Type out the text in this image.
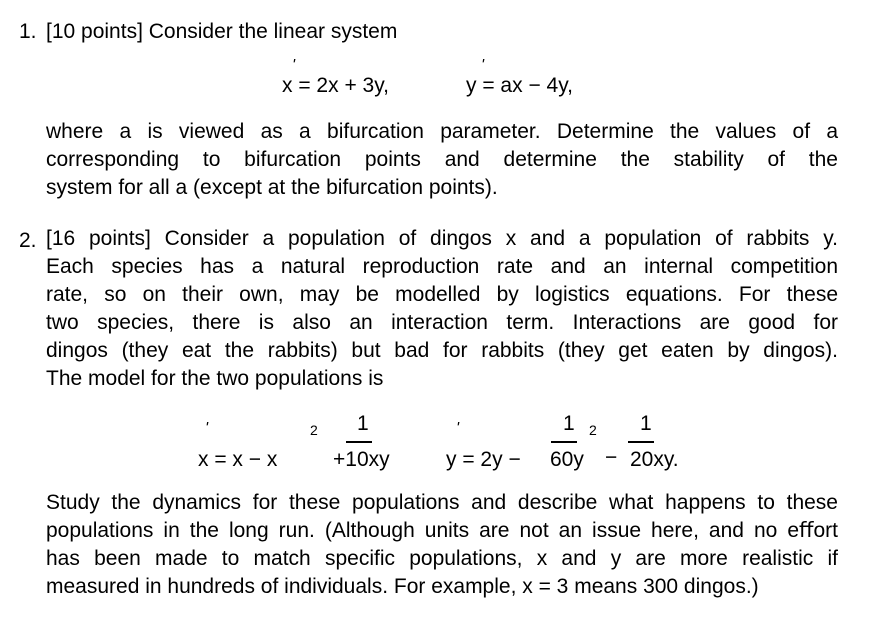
1. [10 points] Consider the linear system
'
x = 2x + 3y,
'
y = ax − 4y,
where a is viewed as a bifurcation parameter. Determine the values of a
corresponding to bifurcation points and determine the stability of the
system for all a (except at the bifurcation points).
2. [16 points] Consider a population of dingos x and a population of rabbits y.
Each species has a natural reproduction rate and an internal competition
rate, so on their own, may be modelled by logistics equations. For these
two species, there is also an interaction term. Interactions are good for
dingos (they eat the rabbits) but bad for rabbits (they get eaten by dingos).
The model for the two populations is
'
x = x − x
2 1
+10xy
'
y = 2y −
1
60y
2
−
1
20xy.
Study the dynamics for these populations and describe what happens to these
populations in the long run. (Although units are not an issue here, and no eﬀort
has been made to match specific populations, x and y are more realistic if
measured in hundreds of individuals. For example, x = 3 means 300 dingos.)
